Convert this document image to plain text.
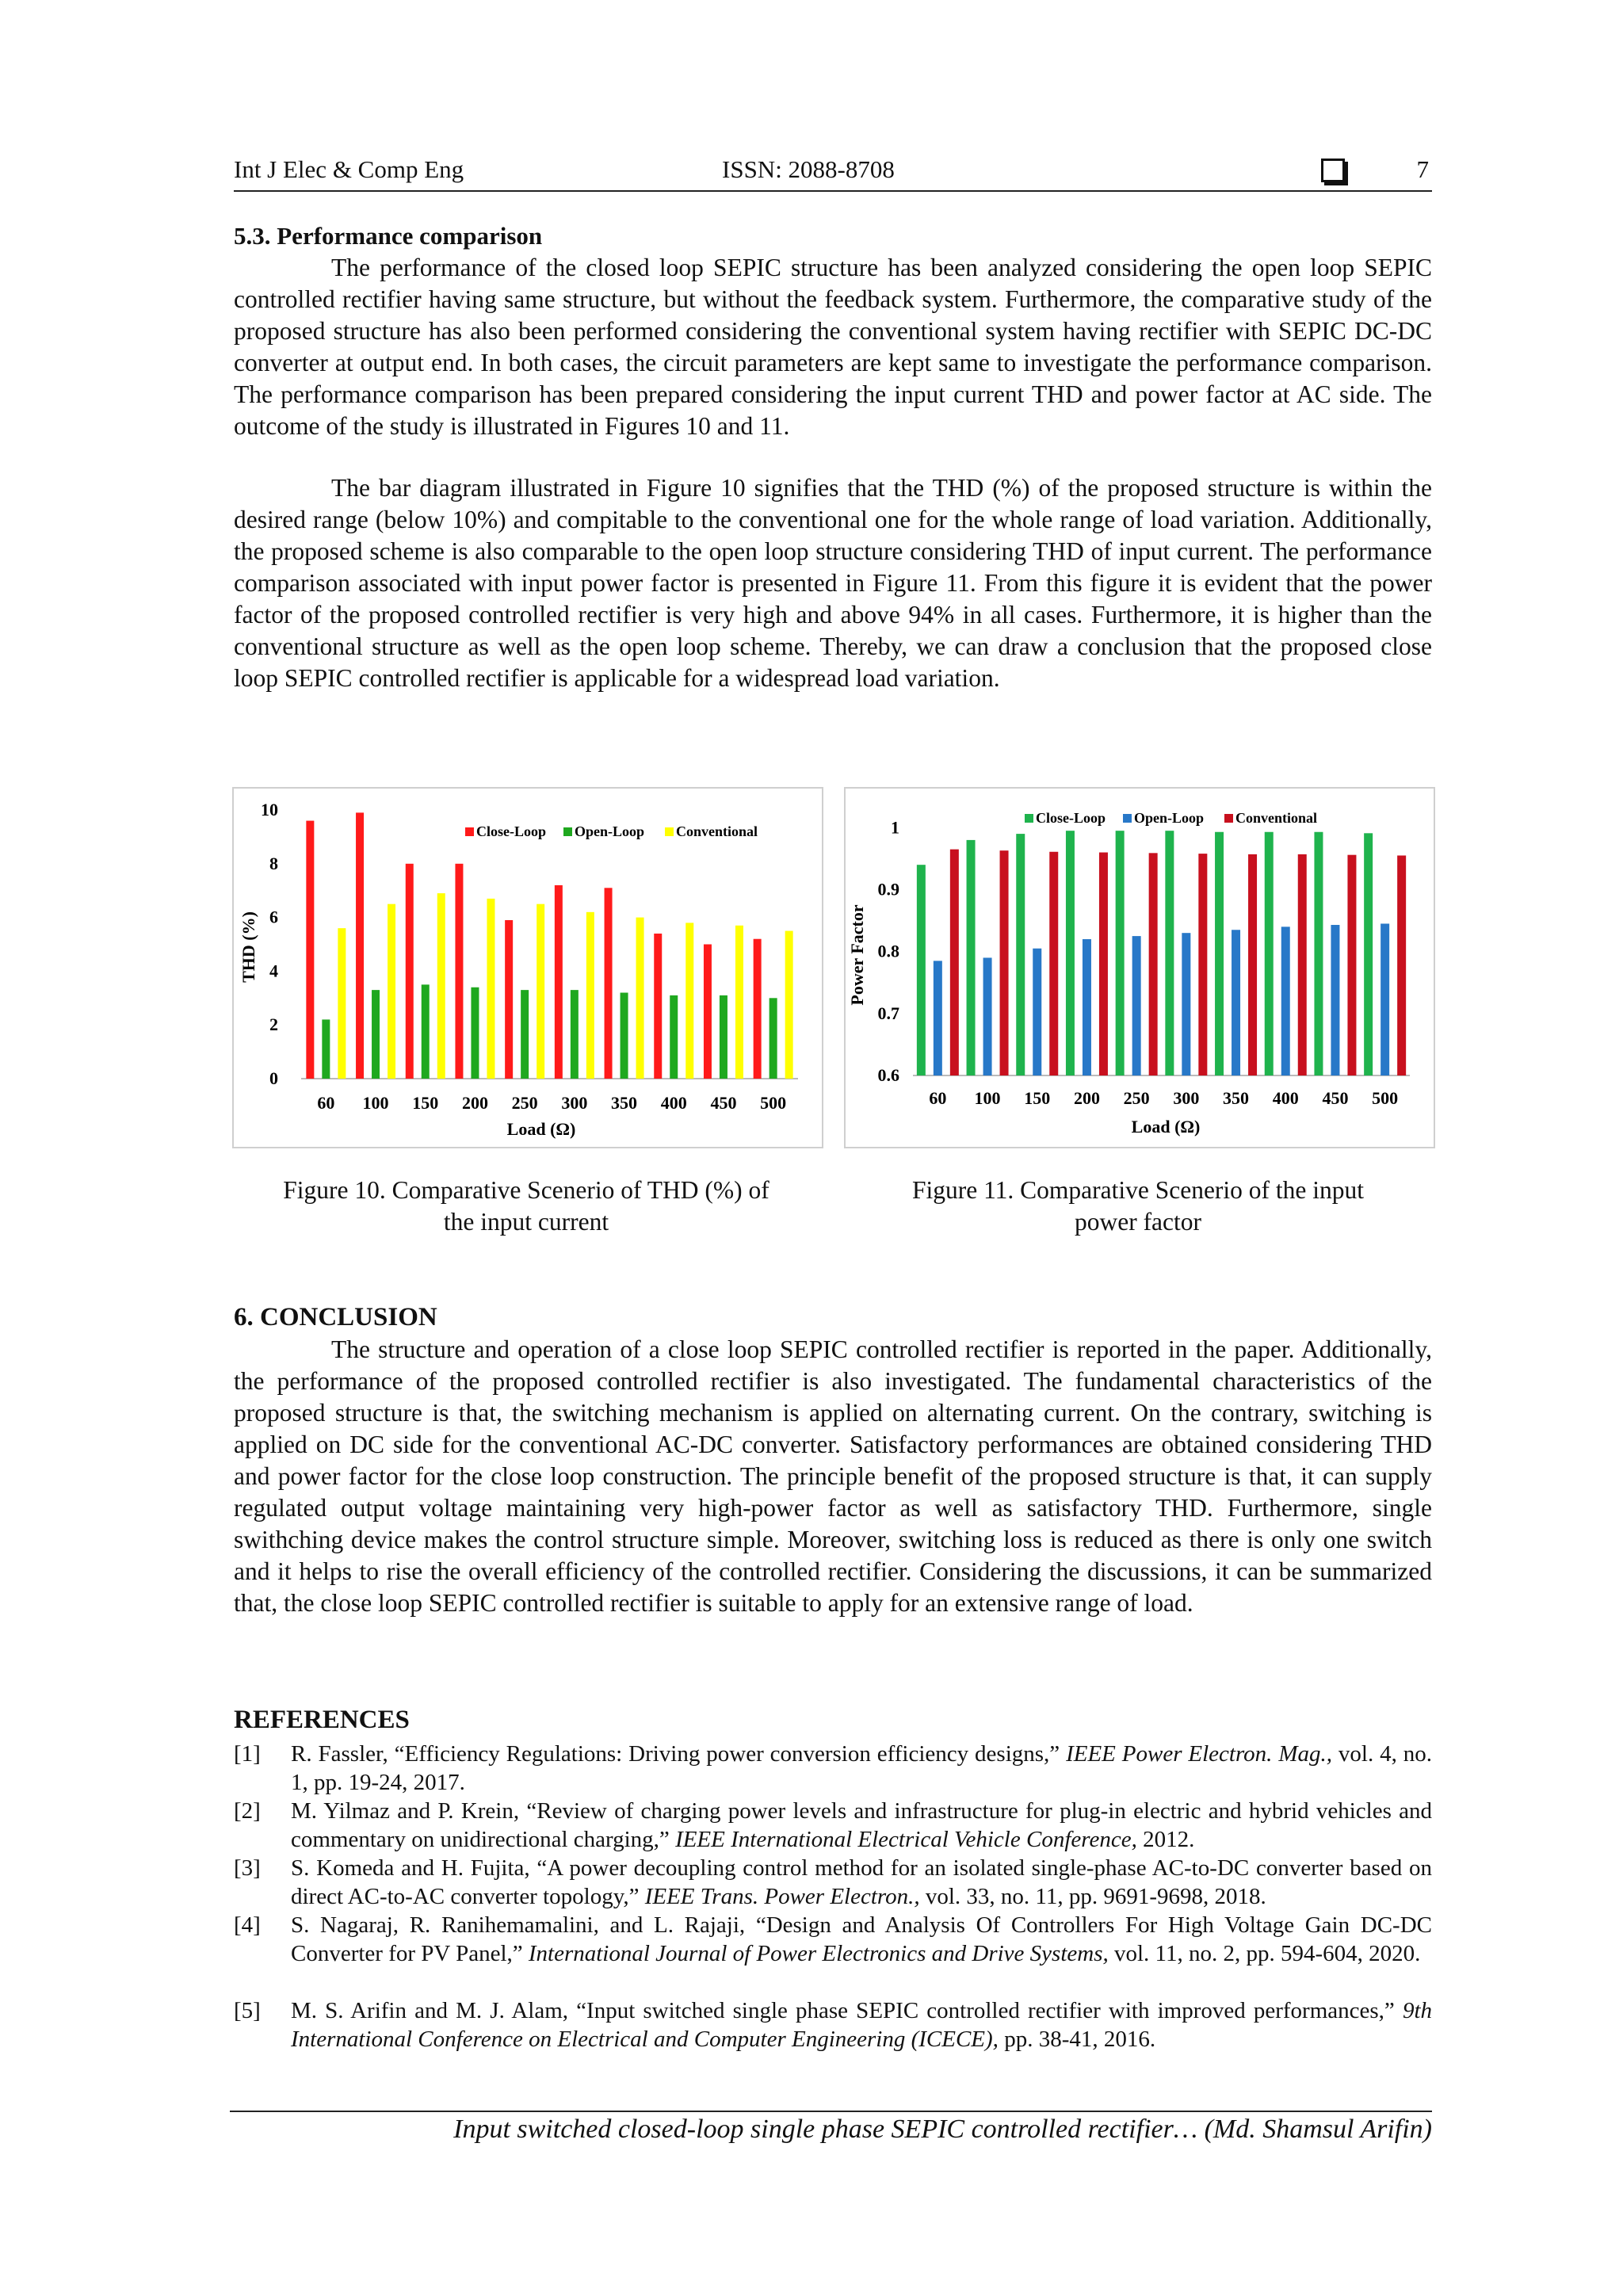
Int J Elec & Comp Eng	ISSN: 2088-8708	7
5.3. Performance comparison

The performance of the closed loop SEPIC structure has been analyzed considering the open loop SEPIC controlled rectifier having same structure, but without the feedback system. Furthermore, the comparative study of the proposed structure has also been performed considering the conventional system having rectifier with SEPIC DC-DC converter at output end. In both cases, the circuit parameters are kept same to investigate the performance comparison. The performance comparison has been prepared considering the input current THD and power factor at AC side. The outcome of the study is illustrated in Figures 10 and 11.

The bar diagram illustrated in Figure 10 signifies that the THD (%) of the proposed structure is within the desired range (below 10%) and compitable to the conventional one for the whole range of load variation. Additionally, the proposed scheme is also comparable to the open loop structure considering THD of input current. The performance comparison associated with input power factor is presented in Figure 11. From this figure it is evident that the power factor of the proposed controlled rectifier is very high and above 94% in all cases. Furthermore, it is higher than the conventional structure as well as the open loop scheme. Thereby, we can draw a conclusion that the proposed close loop SEPIC controlled rectifier is applicable for a widespread load variation.

THD (%)
Load (Ω)
0
2
4
6
8
10
60 100 150 200 250 300 350 400 450 500
Close-Loop Open-Loop Conventional
Figure 10. Comparative Scenerio of THD (%) of
the input current
Power Factor
Load (Ω)
0.6
0.7
0.8
0.9
1
60 100 150 200 250 300 350 400 450 500
Close-Loop Open-Loop Conventional
Figure 11. Comparative Scenerio of the input
power factor
6. CONCLUSION

The structure and operation of a close loop SEPIC controlled rectifier is reported in the paper. Additionally, the performance of the proposed controlled rectifier is also investigated. The fundamental characteristics of the proposed structure is that, the switching mechanism is applied on alternating current. On the contrary, switching is applied on DC side for the conventional AC-DC converter. Satisfactory performances are obtained considering THD and power factor for the close loop construction. The principle benefit of the proposed structure is that, it can supply regulated output voltage maintaining very high-power factor as well as satisfactory THD. Furthermore, single swithching device makes the control structure simple. Moreover, switching loss is reduced as there is only one switch and it helps to rise the overall efficiency of the controlled rectifier. Considering the discussions, it can be summarized that, the close loop SEPIC controlled rectifier is suitable to apply for an extensive range of load.

REFERENCES
[1] R. Fassler, “Efficiency Regulations: Driving power conversion efficiency designs,” IEEE Power Electron. Mag., vol. 4, no. 1, pp. 19-24, 2017.
[2] M. Yilmaz and P. Krein, “Review of charging power levels and infrastructure for plug-in electric and hybrid vehicles and commentary on unidirectional charging,” IEEE International Electrical Vehicle Conference, 2012.
[3] S. Komeda and H. Fujita, “A power decoupling control method for an isolated single-phase AC-to-DC converter based on direct AC-to-AC converter topology,” IEEE Trans. Power Electron., vol. 33, no. 11, pp. 9691-9698, 2018.
[4] S. Nagaraj, R. Ranihemamalini, and L. Rajaji, “Design and Analysis Of Controllers For High Voltage Gain DC-DC Converter for PV Panel,” International Journal of Power Electronics and Drive Systems, vol. 11, no. 2, pp. 594-604, 2020.
[5] M. S. Arifin and M. J. Alam, “Input switched single phase SEPIC controlled rectifier with improved performances,” 9th International Conference on Electrical and Computer Engineering (ICECE), pp. 38-41, 2016.
Input switched closed-loop single phase SEPIC controlled rectifier… (Md. Shamsul Arifin)
